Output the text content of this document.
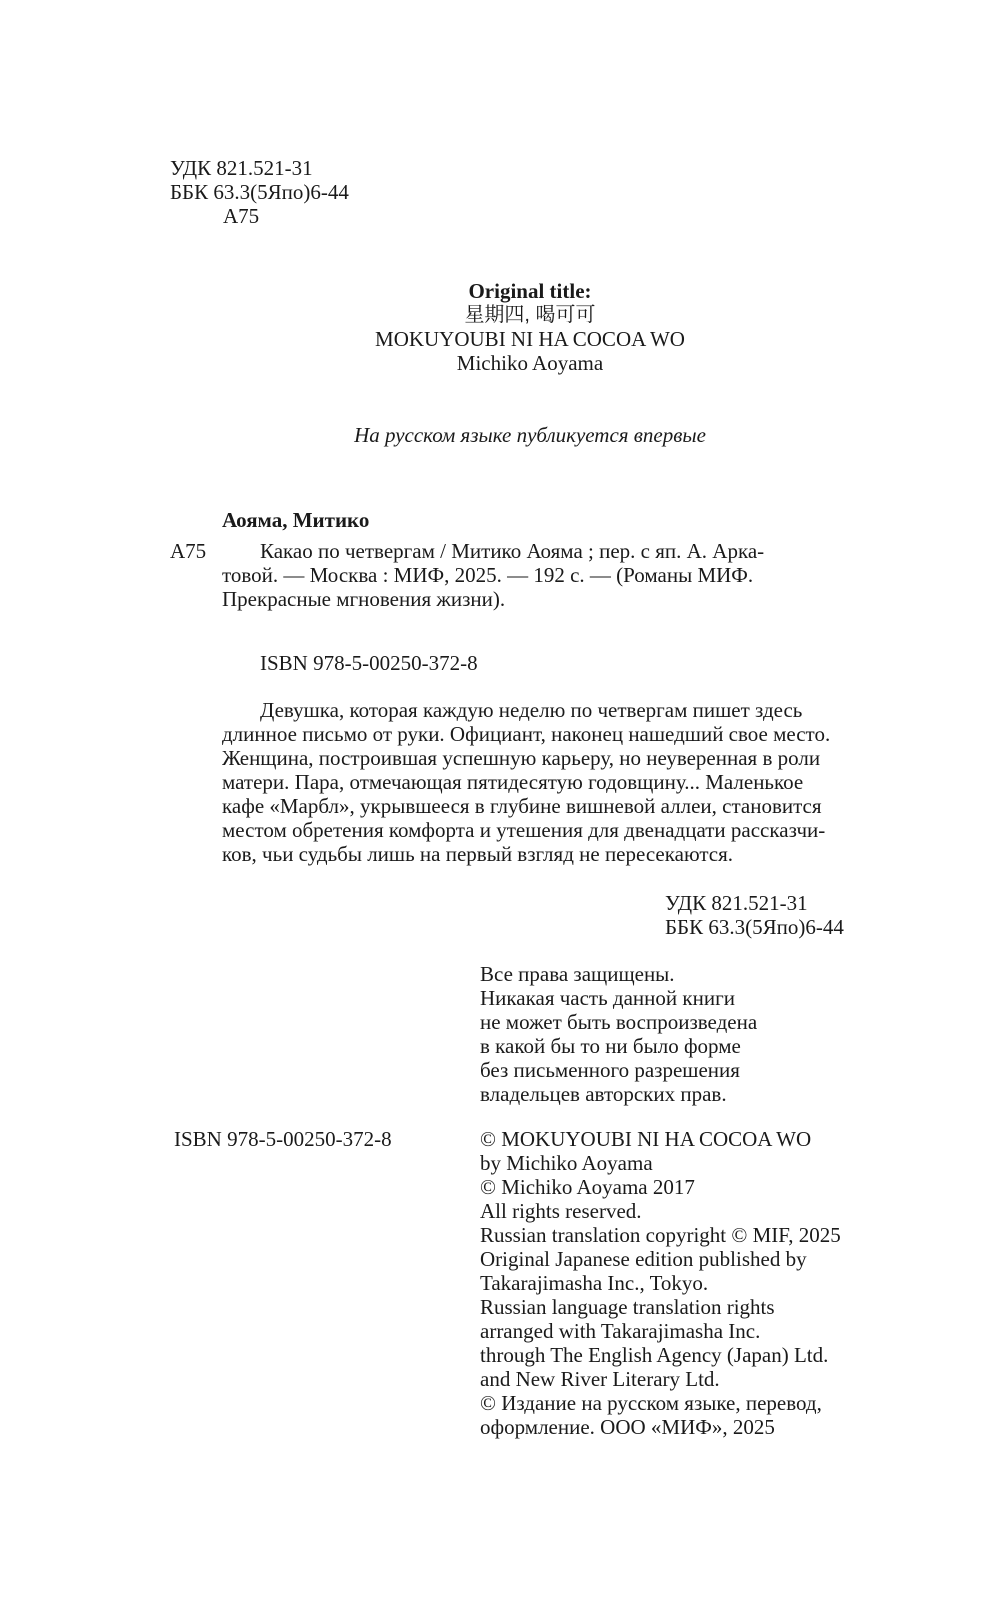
УДК 821.521-31
ББК 63.3(5Япо)6-44
А75
Original title:
星期四, 喝可可
MOKUYOUBI NI HA COCOA WO
Michiko Aoyama
На русском языке публикуется впервые
Аояма, Митико
А75	Какао по четвергам / Митико Аояма ; пер. с яп. А. Арка-
товой. — Москва : МИФ, 2025. — 192 с. — (Романы МИФ.
Прекрасные мгновения жизни).
ISBN 978-5-00250-372-8
Девушка, которая каждую неделю по четвергам пишет здесь
длинное письмо от руки. Официант, наконец нашедший свое место.
Женщина, построившая успешную карьеру, но неуверенная в роли
матери. Пара, отмечающая пятидесятую годовщину... Маленькое
кафе «Марбл», укрывшееся в глубине вишневой аллеи, становится
местом обретения комфорта и утешения для двенадцати рассказчи-
ков, чьи судьбы лишь на первый взгляд не пересекаются.
УДК 821.521-31
ББК 63.3(5Япо)6-44
Все права защищены.
Никакая часть данной книги
не может быть воспроизведена
в какой бы то ни было форме
без письменного разрешения
владельцев авторских прав.
ISBN 978-5-00250-372-8	© MOKUYOUBI NI HA COCOA WO
by Michiko Aoyama
© Michiko Aoyama 2017
All rights reserved.
Russian translation copyright © MIF, 2025
Original Japanese edition published by
Takarajimasha Inc., Tokyo.
Russian language translation rights
arranged with Takarajimasha Inc.
through The English Agency (Japan) Ltd.
and New River Literary Ltd.
© Издание на русском языке, перевод,
оформление. ООО «МИФ», 2025
